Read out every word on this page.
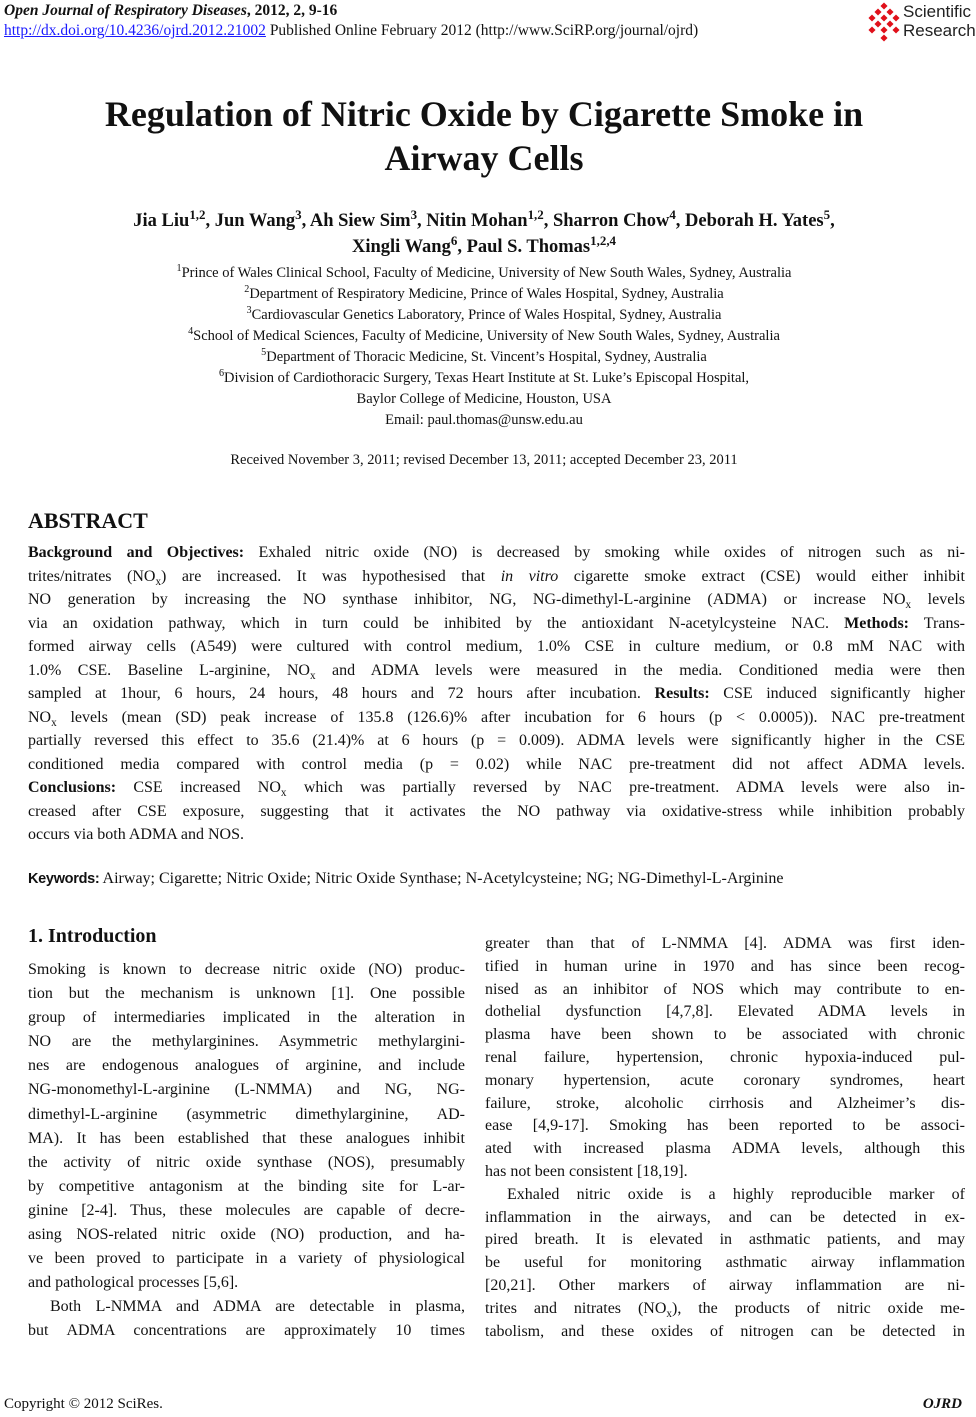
Open Journal of Respiratory Diseases, 2012, 2, 9-16
http://dx.doi.org/10.4236/ojrd.2012.21002 Published Online February 2012 (http://www.SciRP.org/journal/ojrd)
Scientific
Research
Regulation of Nitric Oxide by Cigarette Smoke in
Airway Cells
Jia Liu$^{1,2}$, Jun Wang$^3$, Ah Siew Sim$^3$, Nitin Mohan$^{1,2}$, Sharron Chow$^4$, Deborah H. Yates$^5$,
Xingli Wang$^6$, Paul S. Thomas$^{1,2,4}$
$^1$Prince of Wales Clinical School, Faculty of Medicine, University of New South Wales, Sydney, Australia
$^2$Department of Respiratory Medicine, Prince of Wales Hospital, Sydney, Australia
$^3$Cardiovascular Genetics Laboratory, Prince of Wales Hospital, Sydney, Australia
$^4$School of Medical Sciences, Faculty of Medicine, University of New South Wales, Sydney, Australia
$^5$Department of Thoracic Medicine, St. Vincent’s Hospital, Sydney, Australia
$^6$Division of Cardiothoracic Surgery, Texas Heart Institute at St. Luke’s Episcopal Hospital,
Baylor College of Medicine, Houston, USA
Email: paul.thomas@unsw.edu.au
Received November 3, 2011; revised December 13, 2011; accepted December 23, 2011
ABSTRACT
Background and Objectives: Exhaled nitric oxide (NO) is decreased by smoking while oxides of nitrogen such as ni-
trites/nitrates $(NO_x)$ are increased. It was hypothesised that in vitro cigarette smoke extract (CSE) would either inhibit
NO generation by increasing the NO synthase inhibitor, NG, NG-dimethyl-L-arginine (ADMA) or increase $NO_x$ levels
via an oxidation pathway, which in turn could be inhibited by the antioxidant N-acetylcysteine NAC. Methods: Trans-
formed airway cells (A549) were cultured with control medium, 1.0% CSE in culture medium, or 0.8 mM NAC with
1.0% CSE. Baseline L-arginine, $NO_x$ and ADMA levels were measured in the media. Conditioned media were then
sampled at 1hour, 6 hours, 24 hours, 48 hours and 72 hours after incubation. Results: CSE induced significantly higher
$NO_x$ levels (mean (SD) peak increase of 135.8 (126.6)% after incubation for 6 hours (p < 0.0005)). NAC pre-treatment
partially reversed this effect to 35.6 (21.4)% at 6 hours (p = 0.009). ADMA levels were significantly higher in the CSE
conditioned media compared with control media (p = 0.02) while NAC pre-treatment did not affect ADMA levels.
Conclusions: CSE increased $NO_x$ which was partially reversed by NAC pre-treatment. ADMA levels were also in-
creased after CSE exposure, suggesting that it activates the NO pathway via oxidative-stress while inhibition probably
occurs via both ADMA and NOS.
Keywords: Airway; Cigarette; Nitric Oxide; Nitric Oxide Synthase; N-Acetylcysteine; NG; NG-Dimethyl-L-Arginine
1. Introduction
Smoking is known to decrease nitric oxide (NO) produc-
tion but the mechanism is unknown [1]. One possible
group of intermediaries implicated in the alteration in
NO are the methylarginines. Asymmetric methylargini-
nes are endogenous analogues of arginine, and include
NG-monomethyl-L-arginine (L-NMMA) and NG, NG-
dimethyl-L-arginine (asymmetric dimethylarginine, AD-
MA). It has been established that these analogues inhibit
the activity of nitric oxide synthase (NOS), presumably
by competitive antagonism at the binding site for L-ar-
ginine [2-4]. Thus, these molecules are capable of decre-
asing NOS-related nitric oxide (NO) production, and ha-
ve been proved to participate in a variety of physiological
and pathological processes [5,6].
Both L-NMMA and ADMA are detectable in plasma,
but ADMA concentrations are approximately 10 times
greater than that of L-NMMA [4]. ADMA was first iden-
tified in human urine in 1970 and has since been recog-
nised as an inhibitor of NOS which may contribute to en-
dothelial dysfunction [4,7,8]. Elevated ADMA levels in
plasma have been shown to be associated with chronic
renal failure, hypertension, chronic hypoxia-induced pul-
monary hypertension, acute coronary syndromes, heart
failure, stroke, alcoholic cirrhosis and Alzheimer’s dis-
ease [4,9-17]. Smoking has been reported to be associ-
ated with increased plasma ADMA levels, although this
has not been consistent [18,19].
Exhaled nitric oxide is a highly reproducible marker of
inflammation in the airways, and can be detected in ex-
pired breath. It is elevated in asthmatic patients, and may
be useful for monitoring asthmatic airway inflammation
[20,21]. Other markers of airway inflammation are ni-
trites and nitrates $(NO_x)$, the products of nitric oxide me-
tabolism, and these oxides of nitrogen can be detected in
Copyright © 2012 SciRes.	OJRD
